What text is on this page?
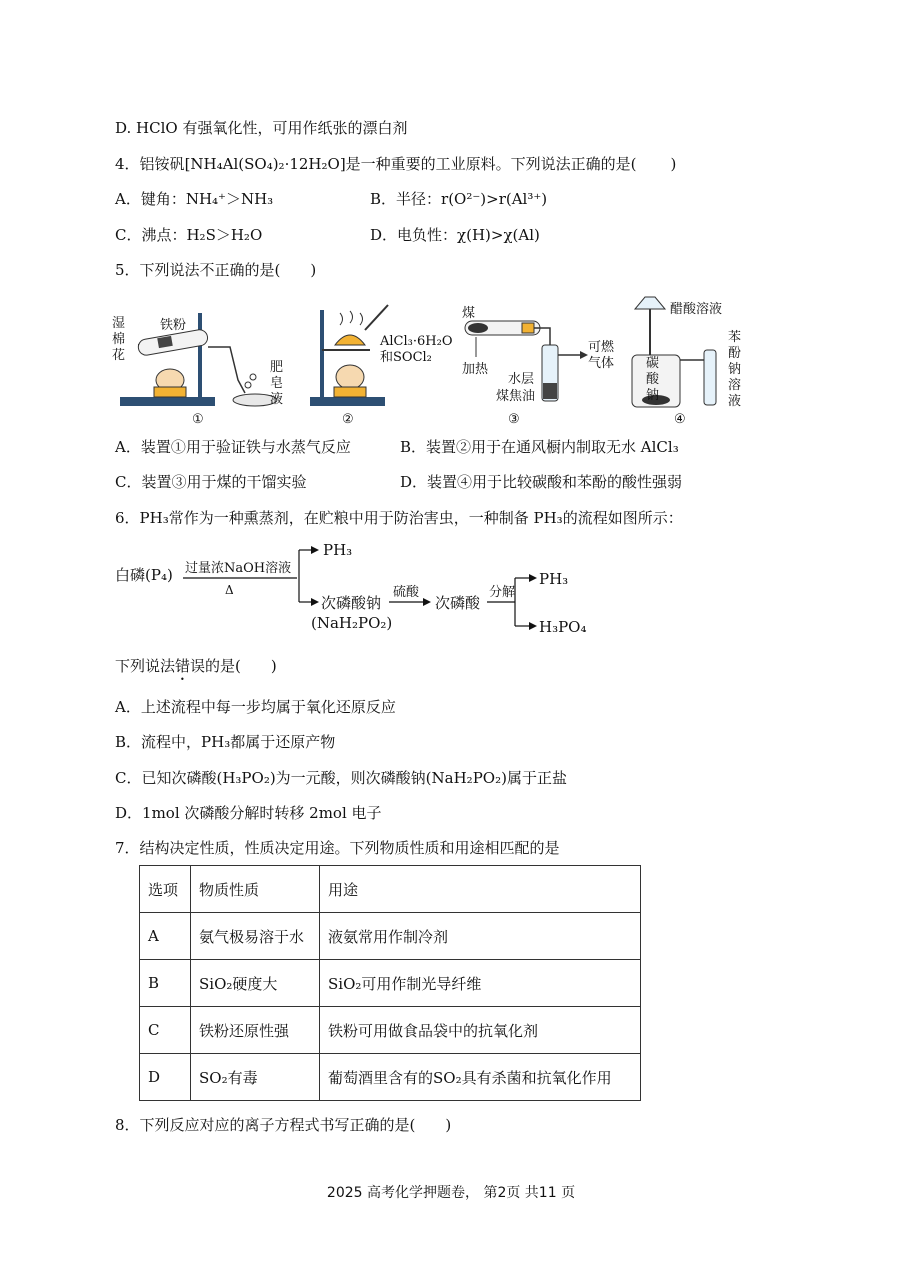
D. HClO 有强氧化性，可用作纸张的漂白剂
4．铝铵矾[NH₄Al(SO₄)₂·12H₂O]是一种重要的工业原料。下列说法正确的是( )
A．键角：NH₄⁺＞NH₃	B．半径：r(O²⁻)>r(Al³⁺)
C．沸点：H₂S＞H₂O	D．电负性：χ(H)>χ(Al)
5．下列说法不正确的是(　　)
湿
棉
花
铁粉
肥
皂
液
①
AlCl₃·6H₂O
和SOCl₂
②
煤
加热
可燃
气体
水层
煤焦油
③
醋酸溶液
碳
酸
钠
苯
酚
钠
溶
液
④
A．装置①用于验证铁与水蒸气反应	B．装置②用于在通风橱内制取无水 AlCl₃
C．装置③用于煤的干馏实验	D．装置④用于比较碳酸和苯酚的酸性强弱
6．PH₃常作为一种熏蒸剂，在贮粮中用于防治害虫，一种制备 PH₃的流程如图所示：
白磷(P₄) 过量浓NaOH溶液
Δ
PH₃
次磷酸钠
(NaH₂PO₂)
硫酸
次磷酸
分解
PH₃
H₃PO₄
下列说法错误的是(　　)
A．上述流程中每一步均属于氧化还原反应
B．流程中，PH₃都属于还原产物
C．已知次磷酸(H₃PO₂)为一元酸，则次磷酸钠(NaH₂PO₂)属于正盐
D．1mol 次磷酸分解时转移 2mol 电子
7．结构决定性质，性质决定用途。下列物质性质和用途相匹配的是
选项	物质性质	用途
A	氨气极易溶于水	液氨常用作制冷剂
B	SiO₂硬度大	SiO₂可用作制光导纤维
C	铁粉还原性强	铁粉可用做食品袋中的抗氧化剂
D	SO₂有毒	葡萄酒里含有的SO₂具有杀菌和抗氧化作用
8．下列反应对应的离子方程式书写正确的是(　　)
2025 高考化学押题卷， 第2页 共11 页
